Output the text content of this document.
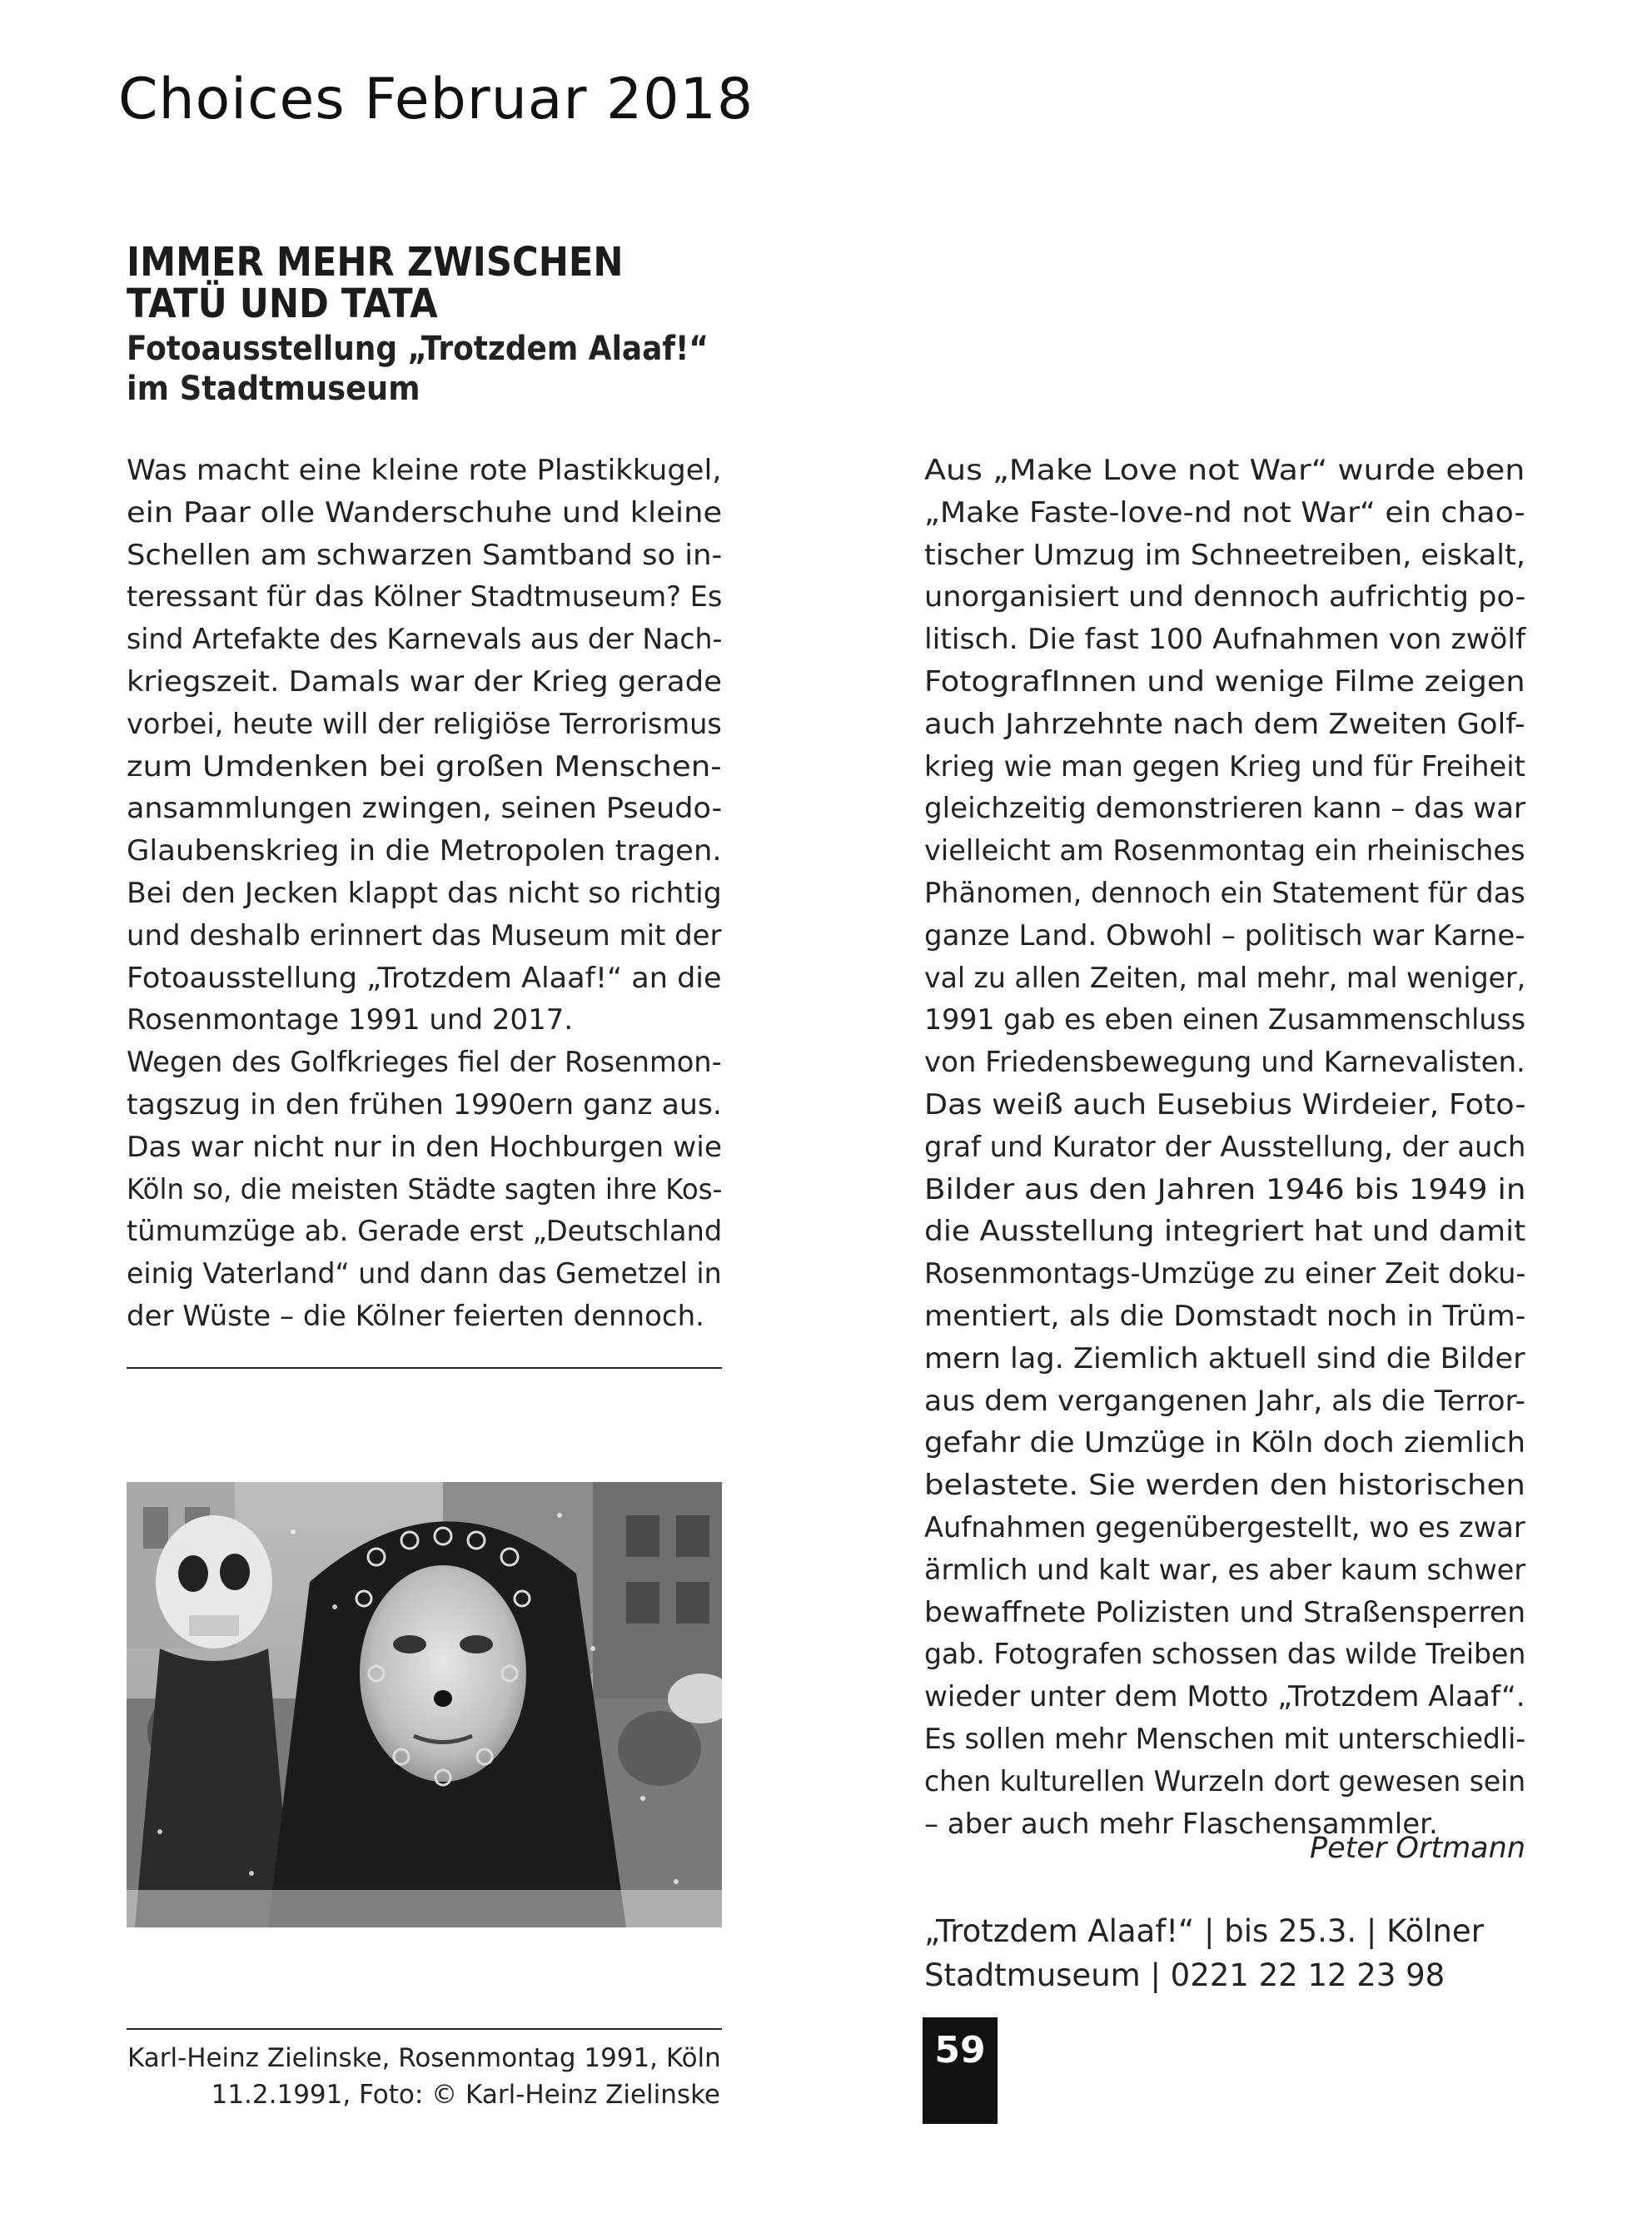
Choices Februar 2018
IMMER MEHR ZWISCHEN
TATÜ UND TATA
Fotoausstellung „Trotzdem Alaaf!“
im Stadtmuseum
Was macht eine kleine rote Plastikkugel,
ein Paar olle Wanderschuhe und kleine
Schellen am schwarzen Samtband so in-
teressant für das Kölner Stadtmuseum? Es
sind Artefakte des Karnevals aus der Nach-
kriegszeit. Damals war der Krieg gerade
vorbei, heute will der religiöse Terrorismus
zum Umdenken bei großen Menschen-
ansammlungen zwingen, seinen Pseudo-
Glaubenskrieg in die Metropolen tragen.
Bei den Jecken klappt das nicht so richtig
und deshalb erinnert das Museum mit der
Fotoausstellung „Trotzdem Alaaf!“ an die
Rosenmontage 1991 und 2017.
Wegen des Golfkrieges fiel der Rosenmon-
tagszug in den frühen 1990ern ganz aus.
Das war nicht nur in den Hochburgen wie
Köln so, die meisten Städte sagten ihre Kos-
tümumzüge ab. Gerade erst „Deutschland
einig Vaterland“ und dann das Gemetzel in
der Wüste – die Kölner feierten dennoch.
Aus „Make Love not War“ wurde eben
„Make Faste-love-nd not War“ ein chao-
tischer Umzug im Schneetreiben, eiskalt,
unorganisiert und dennoch aufrichtig po-
litisch. Die fast 100 Aufnahmen von zwölf
FotografInnen und wenige Filme zeigen
auch Jahrzehnte nach dem Zweiten Golf-
krieg wie man gegen Krieg und für Freiheit
gleichzeitig demonstrieren kann – das war
vielleicht am Rosenmontag ein rheinisches
Phänomen, dennoch ein Statement für das
ganze Land. Obwohl – politisch war Karne-
val zu allen Zeiten, mal mehr, mal weniger,
1991 gab es eben einen Zusammenschluss
von Friedensbewegung und Karnevalisten.
Das weiß auch Eusebius Wirdeier, Foto-
graf und Kurator der Ausstellung, der auch
Bilder aus den Jahren 1946 bis 1949 in
die Ausstellung integriert hat und damit
Rosenmontags-Umzüge zu einer Zeit doku-
mentiert, als die Domstadt noch in Trüm-
mern lag. Ziemlich aktuell sind die Bilder
aus dem vergangenen Jahr, als die Terror-
gefahr die Umzüge in Köln doch ziemlich
belastete. Sie werden den historischen
Aufnahmen gegenübergestellt, wo es zwar
ärmlich und kalt war, es aber kaum schwer
bewaffnete Polizisten und Straßensperren
gab. Fotografen schossen das wilde Treiben
wieder unter dem Motto „Trotzdem Alaaf“.
Es sollen mehr Menschen mit unterschiedli-
chen kulturellen Wurzeln dort gewesen sein
– aber auch mehr Flaschensammler.
Karl-Heinz Zielinske, Rosenmontag 1991, Köln
11.2.1991, Foto: © Karl-Heinz Zielinske
Peter Ortmann
„Trotzdem Alaaf!“ | bis 25.3. | Kölner
Stadtmuseum | 0221 22 12 23 98
59
